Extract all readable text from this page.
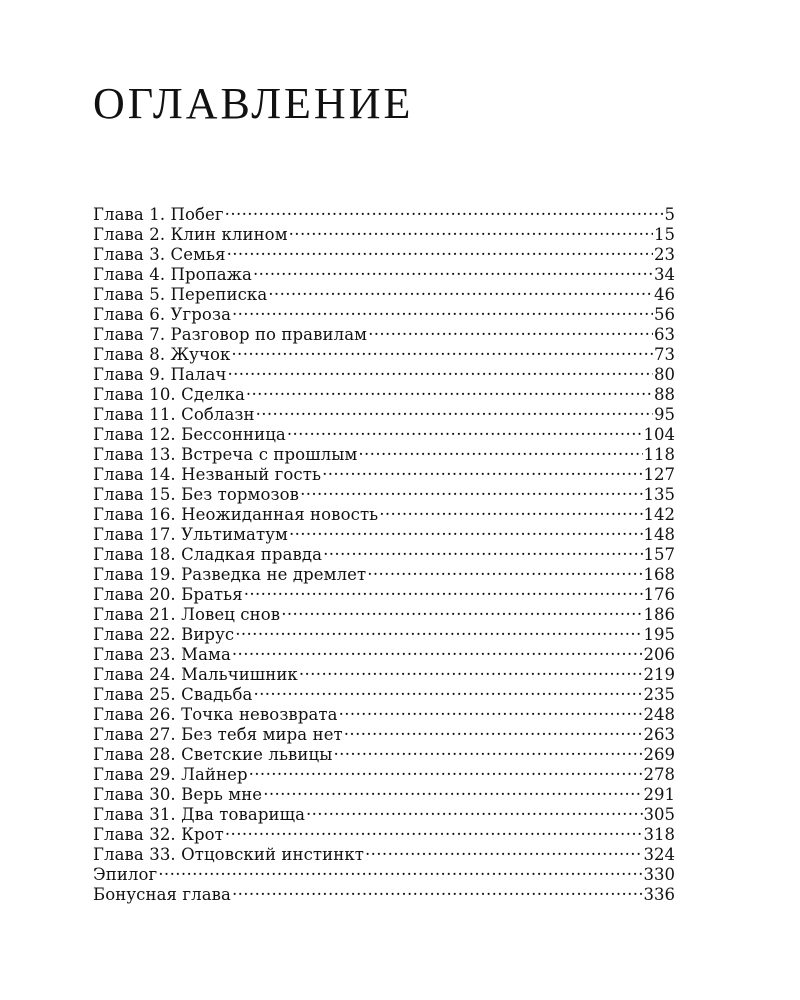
ОГЛАВЛЕНИЕ
Глава 1. Побег .....	5
Глава 2. Клин клином .....	15
Глава 3. Семья .....	23
Глава 4. Пропажа .....	34
Глава 5. Переписка .....	46
Глава 6. Угроза .....	56
Глава 7. Разговор по правилам .....	63
Глава 8. Жучок .....	73
Глава 9. Палач .....	80
Глава 10. Сделка .....	88
Глава 11. Соблазн .....	95
Глава 12. Бессонница .....	104
Глава 13. Встреча с прошлым .....	118
Глава 14. Незваный гость .....	127
Глава 15. Без тормозов .....	135
Глава 16. Неожиданная новость .....	142
Глава 17. Ультиматум .....	148
Глава 18. Сладкая правда .....	157
Глава 19. Разведка не дремлет .....	168
Глава 20. Братья .....	176
Глава 21. Ловец снов .....	186
Глава 22. Вирус .....	195
Глава 23. Мама .....	206
Глава 24. Мальчишник .....	219
Глава 25. Свадьба .....	235
Глава 26. Точка невозврата .....	248
Глава 27. Без тебя мира нет .....	263
Глава 28. Светские львицы .....	269
Глава 29. Лайнер .....	278
Глава 30. Верь мне .....	291
Глава 31. Два товарища .....	305
Глава 32. Крот .....	318
Глава 33. Отцовский инстинкт .....	324
Эпилог .....	330
Бонусная глава .....	336
